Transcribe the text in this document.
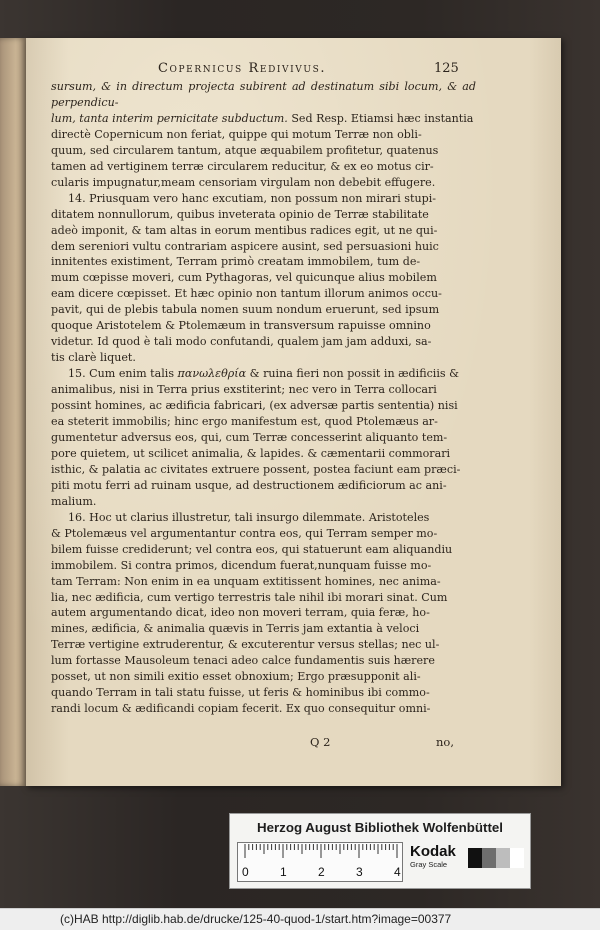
Copernicus Redivivus.	125

sursum, & in directum projecta subirent ad destinatum sibi locum, & ad perpendicu-

lum, tanta interim pernicitate subductum. Sed Resp. Etiamsi hæc instantia

directè Copernicum non feriat, quippe qui motum Terræ non obli-

quum, sed circularem tantum, atque æquabilem profitetur, quatenus

tamen ad vertiginem terræ circularem reducitur, & ex eo motus cir-

cularis impugnatur,meam censoriam virgulam non debebit effugere.

14. Priusquam vero hanc excutiam, non possum non mirari stupi-

ditatem nonnullorum, quibus inveterata opinio de Terræ stabilitate

adeò imponit, & tam altas in eorum mentibus radices egit, ut ne qui-

dem sereniori vultu contrariam aspicere ausint, sed persuasioni huic

innitentes existiment, Terram primò creatam immobilem, tum de-

mum cœpisse moveri, cum Pythagoras, vel quicunque alius mobilem

eam dicere cœpisset. Et hæc opinio non tantum illorum animos occu-

pavit, qui de plebis tabula nomen suum nondum eruerunt, sed ipsum

quoque Aristotelem & Ptolemæum in transversum rapuisse omnino

videtur. Id quod è tali modo confutandi, qualem jam jam adduxi, sa-

tis clarè liquet.

15. Cum enim talis πανωλεθρία & ruina fieri non possit in ædificiis &

animalibus, nisi in Terra prius exstiterint; nec vero in Terra collocari

possint homines, ac ædificia fabricari, (ex adversæ partis sententia) nisi

ea steterit immobilis; hinc ergo manifestum est, quod Ptolemæus ar-

gumentetur adversus eos, qui, cum Terræ concesserint aliquanto tem-

pore quietem, ut scilicet animalia, & lapides. & cæmentarii commorari

isthic, & palatia ac civitates extruere possent, postea faciunt eam præci-

piti motu ferri ad ruinam usque, ad destructionem ædificiorum ac ani-

malium.

16. Hoc ut clarius illustretur, tali insurgo dilemmate. Aristoteles

& Ptolemæus vel argumentantur contra eos, qui Terram semper mo-

bilem fuisse crediderunt; vel contra eos, qui statuerunt eam aliquandiu

immobilem. Si contra primos, dicendum fuerat,nunquam fuisse mo-

tam Terram: Non enim in ea unquam extitissent homines, nec anima-

lia, nec ædificia, cum vertigo terrestris tale nihil ibi morari sinat. Cum

autem argumentando dicat, ideo non moveri terram, quia feræ, ho-

mines, ædificia, & animalia quævis in Terris jam extantia à veloci

Terræ vertigine extruderentur, & excuterentur versus stellas; nec ul-

lum fortasse Mausoleum tenaci adeo calce fundamentis suis hærere

posset, ut non simili exitio esset obnoxium; Ergo præsupponit ali-

quando Terram in tali statu fuisse, ut feris & hominibus ibi commo-

randi locum & ædificandi copiam fecerit. Ex quo consequitur omni-

Q 2	no,
Herzog August Bibliothek Wolfenbüttel
0	1	2	3	4
Kodak
Gray Scale
(c)HAB http://diglib.hab.de/drucke/125-40-quod-1/start.htm?image=00377
